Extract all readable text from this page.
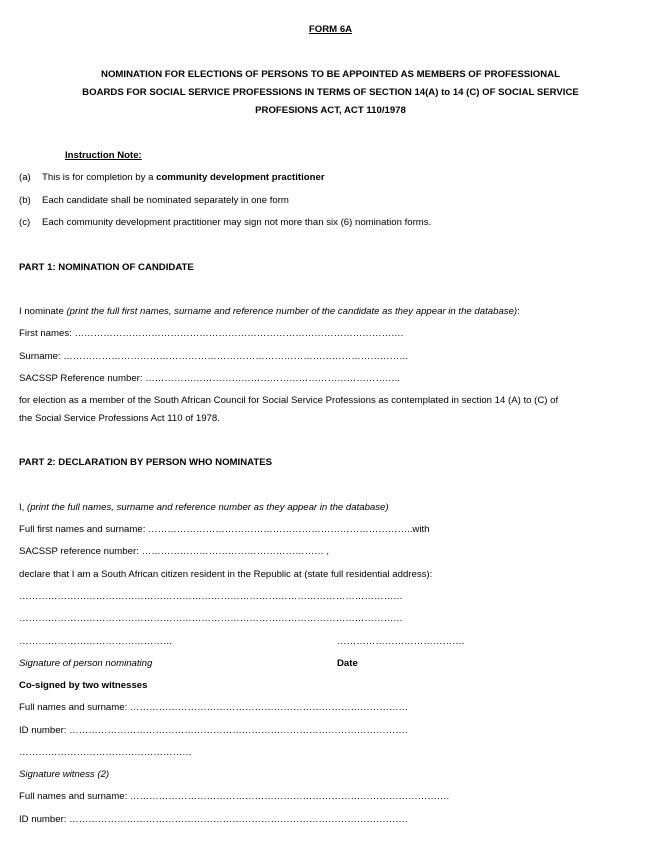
FORM 6A
NOMINATION FOR ELECTIONS OF PERSONS TO BE APPOINTED AS MEMBERS OF PROFESSIONAL
BOARDS FOR SOCIAL SERVICE PROFESSIONS IN TERMS OF SECTION 14(A) to 14 (C) OF SOCIAL SERVICE
PROFESIONS ACT, ACT 110/1978
Instruction Note:
(a) This is for completion by a community development practitioner
(b) Each candidate shall be nominated separately in one form
(c) Each community development practitioner may sign not more than six (6) nomination forms.
PART 1: NOMINATION OF CANDIDATE
I nominate (print the full first names, surname and reference number of the candidate as they appear in the database):
First names: ………………………………………………………………………………………….
Surname: ………………………………………………………………………………………………
SACSSP Reference number: ……………………………………………………………………..
for election as a member of the South African Council for Social Service Professions as contemplated in section 14 (A) to (C) of
the Social Service Professions Act 110 of 1978.
PART 2: DECLARATION BY PERSON WHO NOMINATES
I, (print the full names, surname and reference number as they appear in the database)
Full first names and surname: ………………………………………………………………………..with
SACSSP reference number: ………………………………………………… ,
declare that I am a South African citizen resident in the Republic at (state full residential address):
…………………………………………………………………………………………………………
…………………………………………………………………………………………………………
…………………………………………	………………………………….
Signature of person nominating	Date
Co-signed by two witnesses
Full names and surname: ……………………………………………………………………………
ID number: …………………………………………………………………………………………….
………………………………………………
Signature witness (2)
Full names and surname: ……………………………………………………………………………………….
ID number: …………………………………………………………………………………………….
